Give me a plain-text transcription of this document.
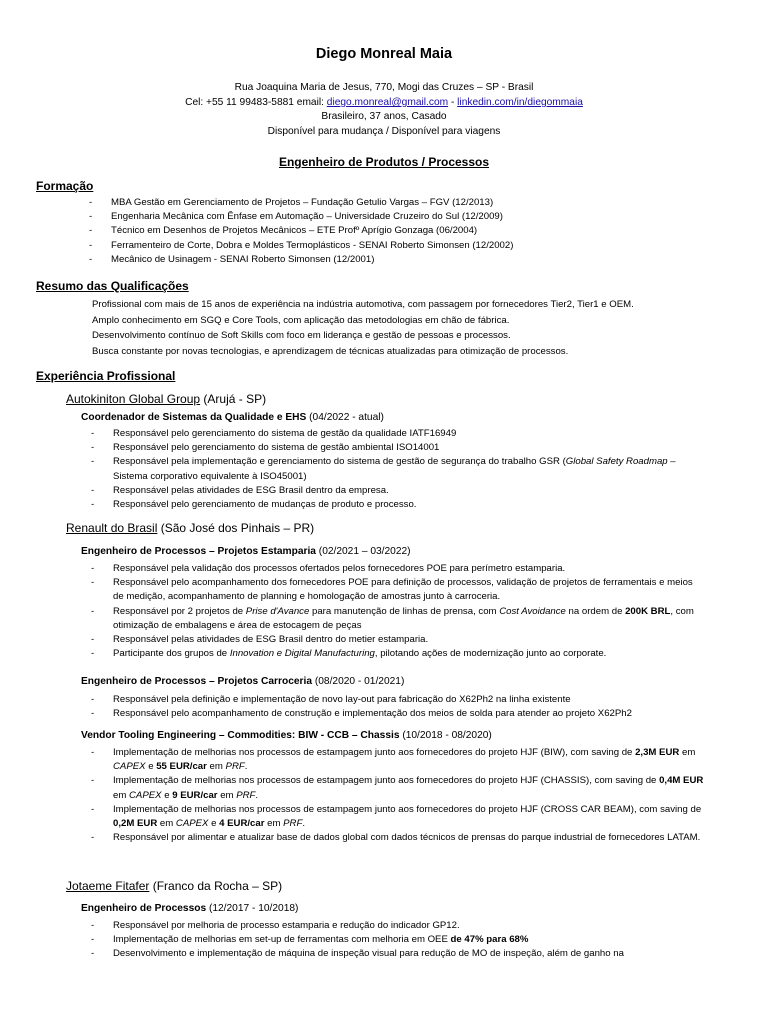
Diego Monreal Maia
Rua Joaquina Maria de Jesus, 770, Mogi das Cruzes – SP - Brasil
Cel: +55 11 99483-5881 email: diego.monreal@gmail.com - linkedin.com/in/diegommaia
Brasileiro, 37 anos, Casado
Disponível para mudança / Disponível para viagens
Engenheiro de Produtos / Processos
Formação
- MBA Gestão em Gerenciamento de Projetos – Fundação Getulio Vargas – FGV (12/2013)
- Engenharia Mecânica com Ênfase em Automação – Universidade Cruzeiro do Sul (12/2009)
- Técnico em Desenhos de Projetos Mecânicos – ETE Profº Aprígio Gonzaga (06/2004)
- Ferramenteiro de Corte, Dobra e Moldes Termoplásticos - SENAI Roberto Simonsen (12/2002)
- Mecânico de Usinagem - SENAI Roberto Simonsen (12/2001)
Resumo das Qualificações
Profissional com mais de 15 anos de experiência na indústria automotiva, com passagem por fornecedores Tier2, Tier1 e OEM.
Amplo conhecimento em SGQ e Core Tools, com aplicação das metodologias em chão de fábrica.
Desenvolvimento contínuo de Soft Skills com foco em liderança e gestão de pessoas e processos.
Busca constante por novas tecnologias, e aprendizagem de técnicas atualizadas para otimização de processos.
Experiência Profissional
Autokiniton Global Group (Arujá - SP)
Coordenador de Sistemas da Qualidade e EHS (04/2022 - atual)
- Responsável pelo gerenciamento do sistema de gestão da qualidade IATF16949
- Responsável pelo gerenciamento do sistema de gestão ambiental ISO14001
- Responsável pela implementação e gerenciamento do sistema de gestão de segurança do trabalho GSR (Global Safety Roadmap – Sistema corporativo equivalente à ISO45001)
- Responsável pelas atividades de ESG Brasil dentro da empresa.
- Responsável pelo gerenciamento de mudanças de produto e processo.
Renault do Brasil (São José dos Pinhais – PR)
Engenheiro de Processos – Projetos Estamparia (02/2021 – 03/2022)
- Responsável pela validação dos processos ofertados pelos fornecedores POE para perímetro estamparia.
- Responsável pelo acompanhamento dos fornecedores POE para definição de processos, validação de projetos de ferramentais e meios de medição, acompanhamento de planning e homologação de amostras junto à carroceria.
- Responsável por 2 projetos de Prise d'Avance para manutenção de linhas de prensa, com Cost Avoidance na ordem de 200K BRL, com otimização de embalagens e área de estocagem de peças
- Responsável pelas atividades de ESG Brasil dentro do metier estamparia.
- Participante dos grupos de Innovation e Digital Manufacturing, pilotando ações de modernização junto ao corporate.
Engenheiro de Processos – Projetos Carroceria (08/2020 - 01/2021)
- Responsável pela definição e implementação de novo lay-out para fabricação do X62Ph2 na linha existente
- Responsável pelo acompanhamento de construção e implementação dos meios de solda para atender ao projeto X62Ph2
Vendor Tooling Engineering – Commodities: BIW - CCB – Chassis (10/2018 - 08/2020)
- Implementação de melhorias nos processos de estampagem junto aos fornecedores do projeto HJF (BIW), com saving de 2,3M EUR em CAPEX e 55 EUR/car em PRF.
- Implementação de melhorias nos processos de estampagem junto aos fornecedores do projeto HJF (CHASSIS), com saving de 0,4M EUR em CAPEX e 9 EUR/car em PRF.
- Implementação de melhorias nos processos de estampagem junto aos fornecedores do projeto HJF (CROSS CAR BEAM), com saving de 0,2M EUR em CAPEX e 4 EUR/car em PRF.
- Responsável por alimentar e atualizar base de dados global com dados técnicos de prensas do parque industrial de fornecedores LATAM.
Jotaeme Fitafer (Franco da Rocha – SP)
Engenheiro de Processos (12/2017 - 10/2018)
- Responsável por melhoria de processo estamparia e redução do indicador GP12.
- Implementação de melhorias em set-up de ferramentas com melhoria em OEE de 47% para 68%
- Desenvolvimento e implementação de máquina de inspeção visual para redução de MO de inspeção, além de ganho na
